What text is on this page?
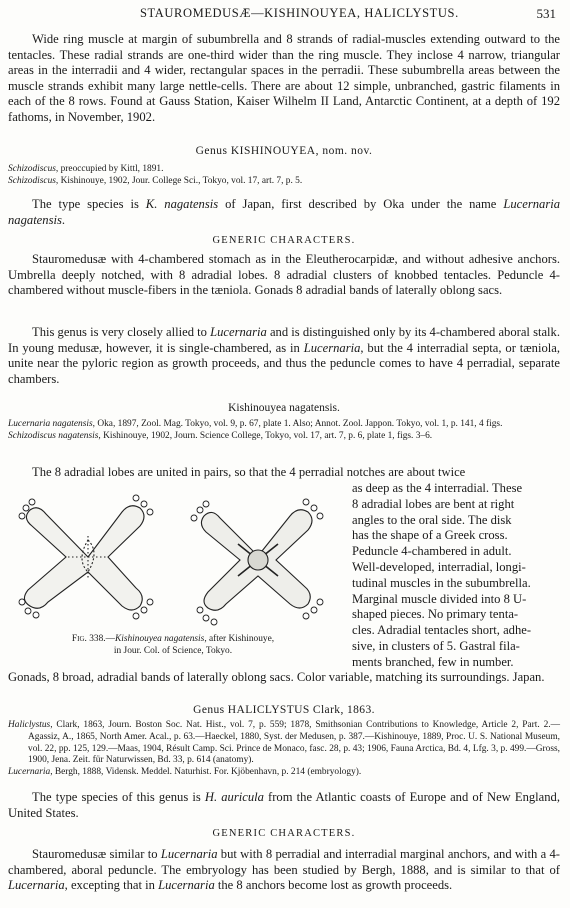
STAUROMEDUSÆ—KISHINOUYEA, HALICLYSTUS.	531
Wide ring muscle at margin of subumbrella and 8 strands of radial-muscles extending outward to the tentacles. These radial strands are one-third wider than the ring muscle. They inclose 4 narrow, triangular areas in the interradii and 4 wider, rectangular spaces in the perradii. These subumbrella areas between the muscle strands exhibit many large nettle-cells. There are about 12 simple, unbranched, gastric filaments in each of the 8 rows. Found at Gauss Station, Kaiser Wilhelm II Land, Antarctic Continent, at a depth of 192 fathoms, in November, 1902.
Genus KISHINOUYEA, nom. nov.
Schizodiscus, preoccupied by Kittl, 1891.
Schizodiscus, Kishinouye, 1902, Jour. College Sci., Tokyo, vol. 17, art. 7, p. 5.
The type species is K. nagatensis of Japan, first described by Oka under the name Lucernaria nagatensis.
GENERIC CHARACTERS.
Stauromedusæ with 4-chambered stomach as in the Eleutherocarpidæ, and without adhesive anchors. Umbrella deeply notched, with 8 adradial lobes. 8 adradial clusters of knobbed tentacles. Peduncle 4-chambered without muscle-fibers in the tæniola. Gonads 8 adradial bands of laterally oblong sacs.
This genus is very closely allied to Lucernaria and is distinguished only by its 4-chambered aboral stalk. In young medusæ, however, it is single-chambered, as in Lucernaria, but the 4 interradial septa, or tæniola, unite near the pyloric region as growth proceeds, and thus the peduncle comes to have 4 perradial, separate chambers.
Kishinouyea nagatensis.
Lucernaria nagatensis, Oka, 1897, Zool. Mag. Tokyo, vol. 9, p. 67, plate 1. Also; Annot. Zool. Jappon. Tokyo, vol. 1, p. 141, 4 figs.
Schizodiscus nagatensis, Kishinouye, 1902, Journ. Science College, Tokyo, vol. 17, art. 7, p. 6, plate 1, figs. 3–6.
The 8 adradial lobes are united in pairs, so that the 4 perradial notches are about twice
Fig. 338.—Kishinouyea nagatensis, after Kishinouye,
in Jour. Col. of Science, Tokyo.
as deep as the 4 interradial. These
8 adradial lobes are bent at right
angles to the oral side. The disk
has the shape of a Greek cross.
Peduncle 4-chambered in adult.
Well-developed, interradial, longi-
tudinal muscles in the subumbrella.
Marginal muscle divided into 8 U-
shaped pieces. No primary tenta-
cles. Adradial tentacles short, adhe-
sive, in clusters of 5. Gastral fila-
ments branched, few in number.
Gonads, 8 broad, adradial bands of laterally oblong sacs. Color variable, matching its surroundings. Japan.
Genus HALICLYSTUS Clark, 1863.
Haliclystus, Clark, 1863, Journ. Boston Soc. Nat. Hist., vol. 7, p. 559; 1878, Smithsonian Contributions to Knowledge, Article 2, Part. 2.—Agassiz, A., 1865, North Amer. Acal., p. 63.—Haeckel, 1880, Syst. der Medusen, p. 387.—Kishinouye, 1889, Proc. U. S. National Museum, vol. 22, pp. 125, 129.—Maas, 1904, Résult Camp. Sci. Prince de Monaco, fasc. 28, p. 43; 1906, Fauna Arctica, Bd. 4, Lfg. 3, p. 499.—Gross, 1900, Jena. Zeit. für Naturwissen, Bd. 33, p. 614 (anatomy).
Lucernaria, Bergh, 1888, Vidensk. Meddel. Naturhist. For. Kjöbenhavn, p. 214 (embryology).
The type species of this genus is H. auricula from the Atlantic coasts of Europe and of New England, United States.
GENERIC CHARACTERS.
Stauromedusæ similar to Lucernaria but with 8 perradial and interradial marginal anchors, and with a 4-chambered, aboral peduncle. The embryology has been studied by Bergh, 1888, and is similar to that of Lucernaria, excepting that in Lucernaria the 8 anchors become lost as growth proceeds.
